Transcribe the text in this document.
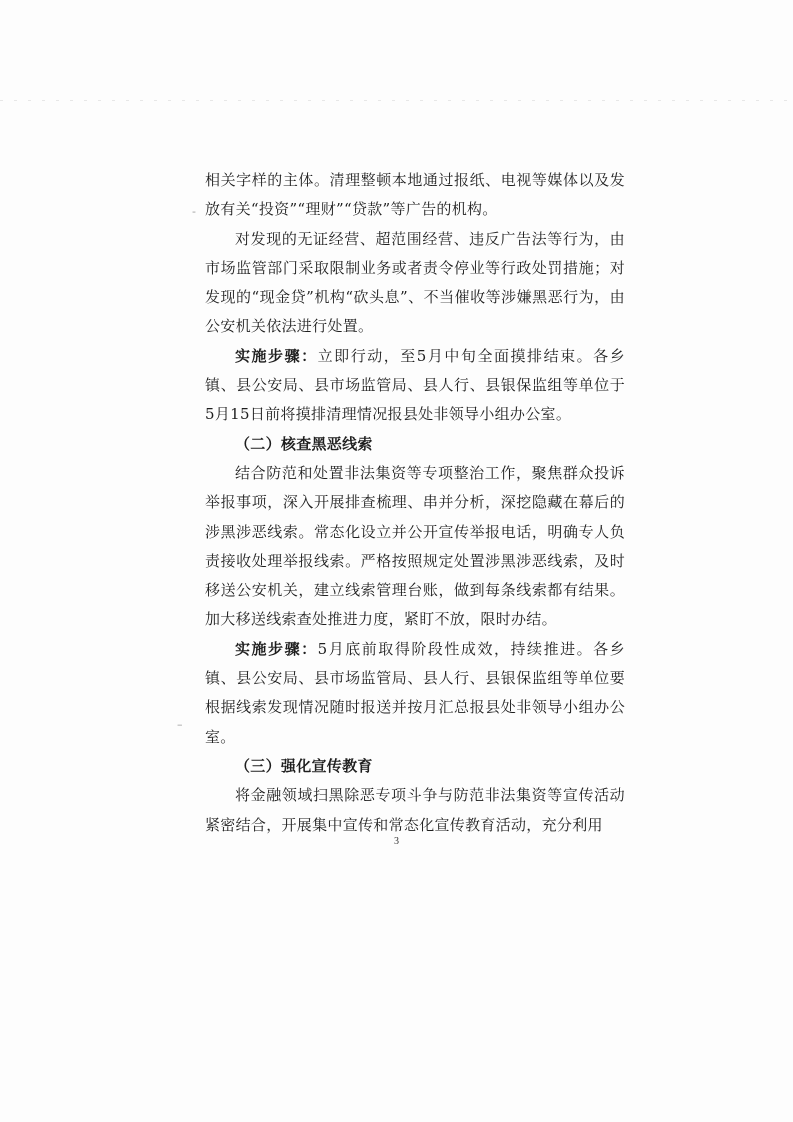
相关字样的主体。清理整顿本地通过报纸、电视等媒体以及发放有关“投资”“理财”“贷款”等广告的机构。

对发现的无证经营、超范围经营、违反广告法等行为，由市场监管部门采取限制业务或者责令停业等行政处罚措施；对发现的“现金贷”机构“砍头息”、不当催收等涉嫌黑恶行为，由公安机关依法进行处置。

实施步骤：立即行动，至5月中旬全面摸排结束。各乡镇、县公安局、县市场监管局、县人行、县银保监组等单位于5月15日前将摸排清理情况报县处非领导小组办公室。

（二）核查黑恶线索

结合防范和处置非法集资等专项整治工作，聚焦群众投诉举报事项，深入开展排查梳理、串并分析，深挖隐藏在幕后的涉黑涉恶线索。常态化设立并公开宣传举报电话，明确专人负责接收处理举报线索。严格按照规定处置涉黑涉恶线索，及时移送公安机关，建立线索管理台账，做到每条线索都有结果。加大移送线索查处推进力度，紧盯不放，限时办结。

实施步骤：5月底前取得阶段性成效，持续推进。各乡镇、县公安局、县市场监管局、县人行、县银保监组等单位要根据线索发现情况随时报送并按月汇总报县处非领导小组办公室。

（三）强化宣传教育

将金融领域扫黑除恶专项斗争与防范非法集资等宣传活动紧密结合，开展集中宣传和常态化宣传教育活动，充分利用

-
–
3
